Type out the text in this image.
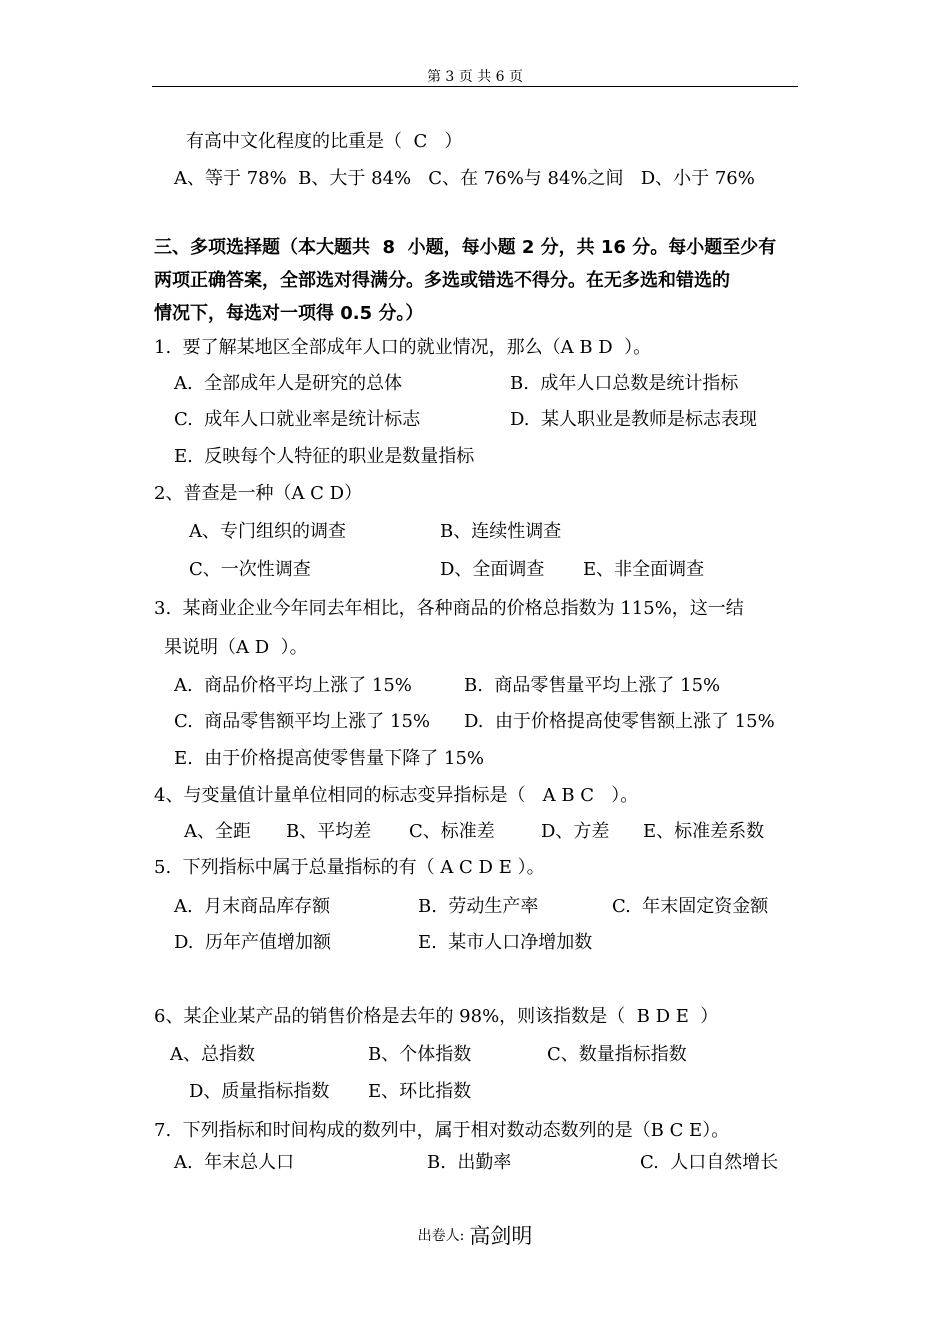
第 3 页 共 6 页
有高中文化程度的比重是（  C   ）
A、等于 78%  B、大于 84%   C、在 76%与 84%之间   D、小于 76%
三、多项选择题（本大题共  8  小题，每小题 2 分，共 16 分。每小题至少有
两项正确答案，全部选对得满分。多选或错选不得分。在无多选和错选的
情况下，每选对一项得 0.5 分。）
1.  要了解某地区全部成年人口的就业情况，那么（A B D  ）。
A.  全部成年人是研究的总体	B.  成年人口总数是统计指标
C.  成年人口就业率是统计标志	D.  某人职业是教师是标志表现
E.  反映每个人特征的职业是数量指标
2、普查是一种（A C D）
A、专门组织的调查	B、连续性调查
C、一次性调查	D、全面调查 E、非全面调查
3.  某商业企业今年同去年相比，各种商品的价格总指数为 115%，这一结
果说明（A D  ）。
A.  商品价格平均上涨了 15%	B.  商品零售量平均上涨了 15%
C.  商品零售额平均上涨了 15% D.  由于价格提高使零售额上涨了 15%
E.  由于价格提高使零售量下降了 15%
4、与变量值计量单位相同的标志变异指标是（   A B C   ）。
A、全距 B、平均差 C、标准差	D、方差 E、标准差系数
5.  下列指标中属于总量指标的有（ A C D E ）。
A.  月末商品库存额	B.  劳动生产率	C.  年末固定资金额
D.  历年产值增加额	E.  某市人口净增加数
6、某企业某产品的销售价格是去年的 98%，则该指数是（  B D E  ）
A、总指数	B、个体指数	C、数量指标指数
D、质量指标指数 E、环比指数
7.  下列指标和时间构成的数列中，属于相对数动态数列的是（B C E）。
A.  年末总人口	B.  出勤率	C.  人口自然增长
出卷人: 高剑明
